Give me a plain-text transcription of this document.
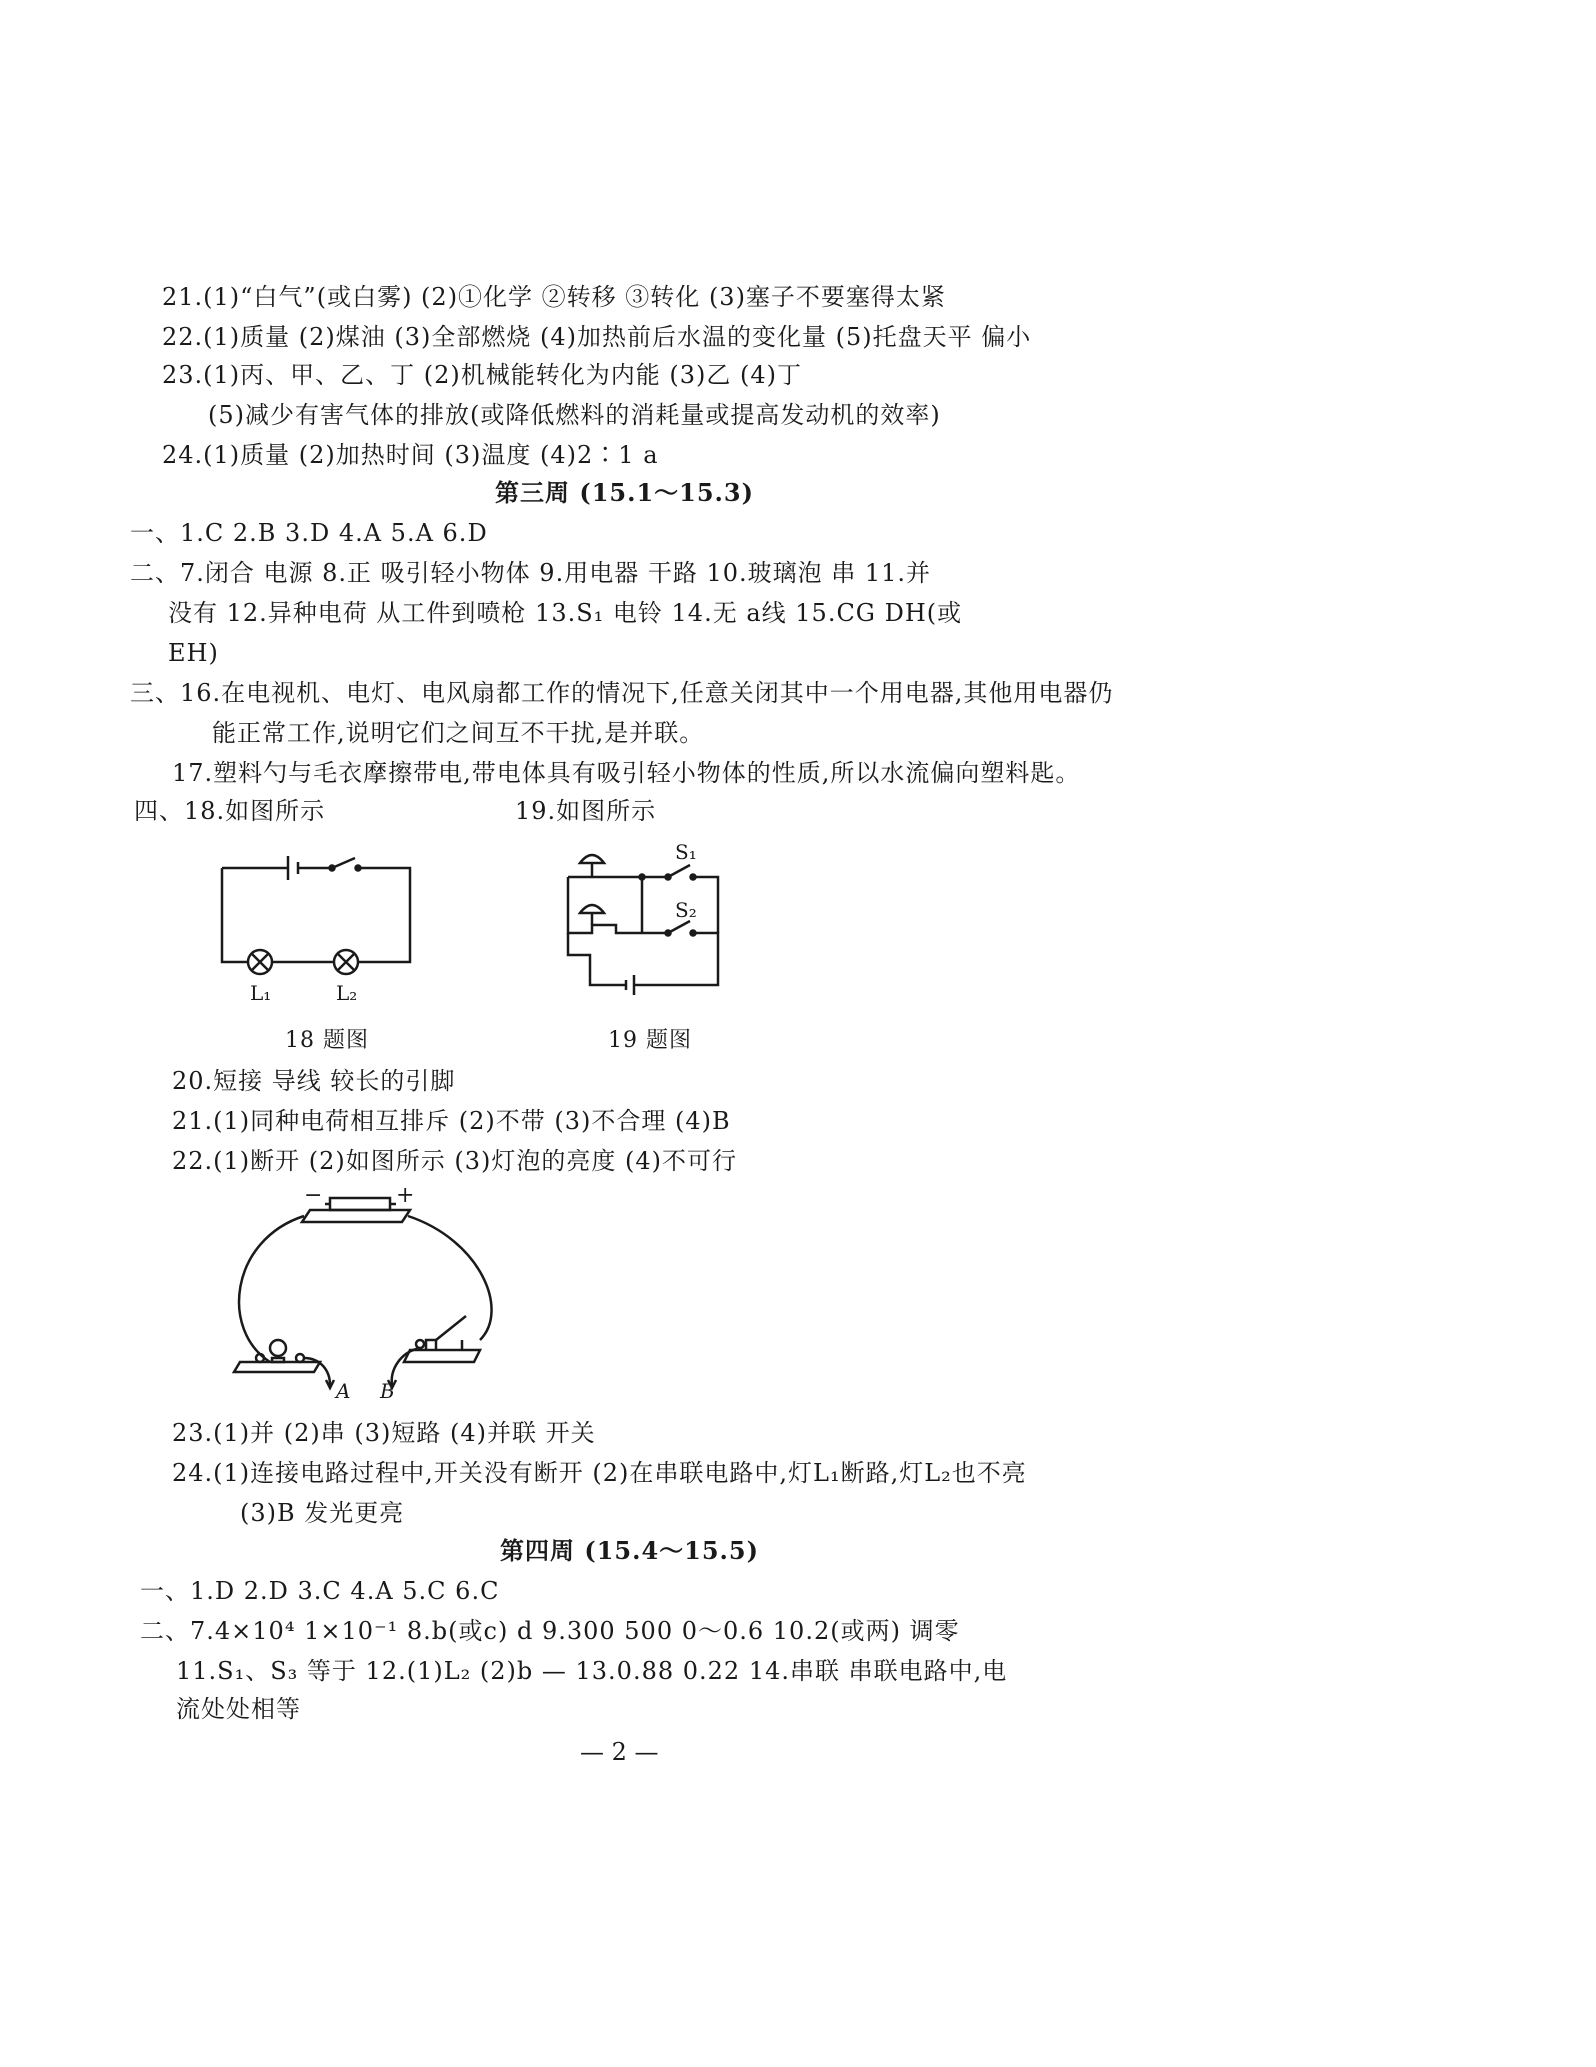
21.(1)“白气”(或白雾) (2)①化学 ②转移 ③转化 (3)塞子不要塞得太紧
22.(1)质量 (2)煤油 (3)全部燃烧 (4)加热前后水温的变化量 (5)托盘天平 偏小
23.(1)丙、甲、乙、丁 (2)机械能转化为内能 (3)乙 (4)丁
(5)减少有害气体的排放(或降低燃料的消耗量或提高发动机的效率)
24.(1)质量 (2)加热时间 (3)温度 (4)2∶1 a
第三周 (15.1～15.3)
一、1.C 2.B 3.D 4.A 5.A 6.D
二、7.闭合 电源 8.正 吸引轻小物体 9.用电器 干路 10.玻璃泡 串 11.并
没有 12.异种电荷 从工件到喷枪 13.S₁ 电铃 14.无 a线 15.CG DH(或
EH)
三、16.在电视机、电灯、电风扇都工作的情况下,任意关闭其中一个用电器,其他用电器仍
能正常工作,说明它们之间互不干扰,是并联。
17.塑料勺与毛衣摩擦带电,带电体具有吸引轻小物体的性质,所以水流偏向塑料匙。
四、18.如图所示	19.如图所示
L₁	L₂
18 题图
S₁
S₂
19 题图
20.短接 导线 较长的引脚
21.(1)同种电荷相互排斥 (2)不带 (3)不合理 (4)B
22.(1)断开 (2)如图所示 (3)灯泡的亮度 (4)不可行
−	+
A B
23.(1)并 (2)串 (3)短路 (4)并联 开关
24.(1)连接电路过程中,开关没有断开 (2)在串联电路中,灯L₁断路,灯L₂也不亮
(3)B 发光更亮
第四周 (15.4～15.5)
一、1.D 2.D 3.C 4.A 5.C 6.C
二、7.4×10⁴ 1×10⁻¹ 8.b(或c) d 9.300 500 0～0.6 10.2(或两) 调零
11.S₁、S₃ 等于 12.(1)L₂ (2)b — 13.0.88 0.22 14.串联 串联电路中,电
流处处相等
— 2 —
